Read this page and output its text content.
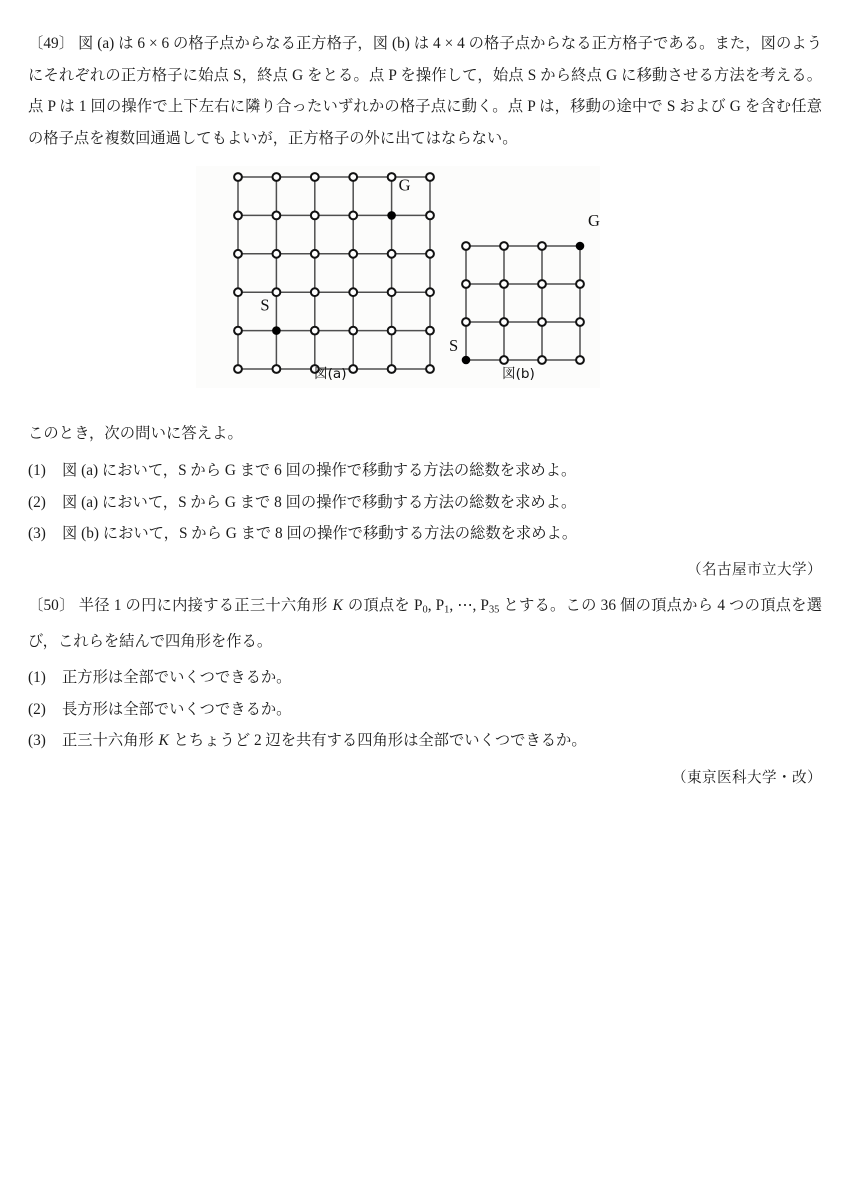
〔49〕 図 (a) は 6 × 6 の格子点からなる正方格子，図 (b) は 4 × 4 の格子点からなる正方格子である。また，図のようにそれぞれの正方格子に始点 S，終点 G をとる。点 P を操作して，始点 S から終点 G に移動させる方法を考える。点 P は 1 回の操作で上下左右に隣り合ったいずれかの格子点に動く。点 P は，移動の途中で S および G を含む任意の格子点を複数回通過してもよいが，正方格子の外に出てはならない。
S
G
S
G
図(a)	図(b)
このとき，次の問いに答えよ。
(1) 図 (a) において，S から G まで 6 回の操作で移動する方法の総数を求めよ。
(2) 図 (a) において，S から G まで 8 回の操作で移動する方法の総数を求めよ。
(3) 図 (b) において，S から G まで 8 回の操作で移動する方法の総数を求めよ。
（名古屋市立大学）
〔50〕 半径 1 の円に内接する正三十六角形 K の頂点を $P_0$, $P_1$, ⋯, $P_{35}$ とする。この 36 個の頂点から 4 つの頂点を選び，これらを結んで四角形を作る。
(1) 正方形は全部でいくつできるか。
(2) 長方形は全部でいくつできるか。
(3) 正三十六角形 K とちょうど 2 辺を共有する四角形は全部でいくつできるか。
（東京医科大学・改）
